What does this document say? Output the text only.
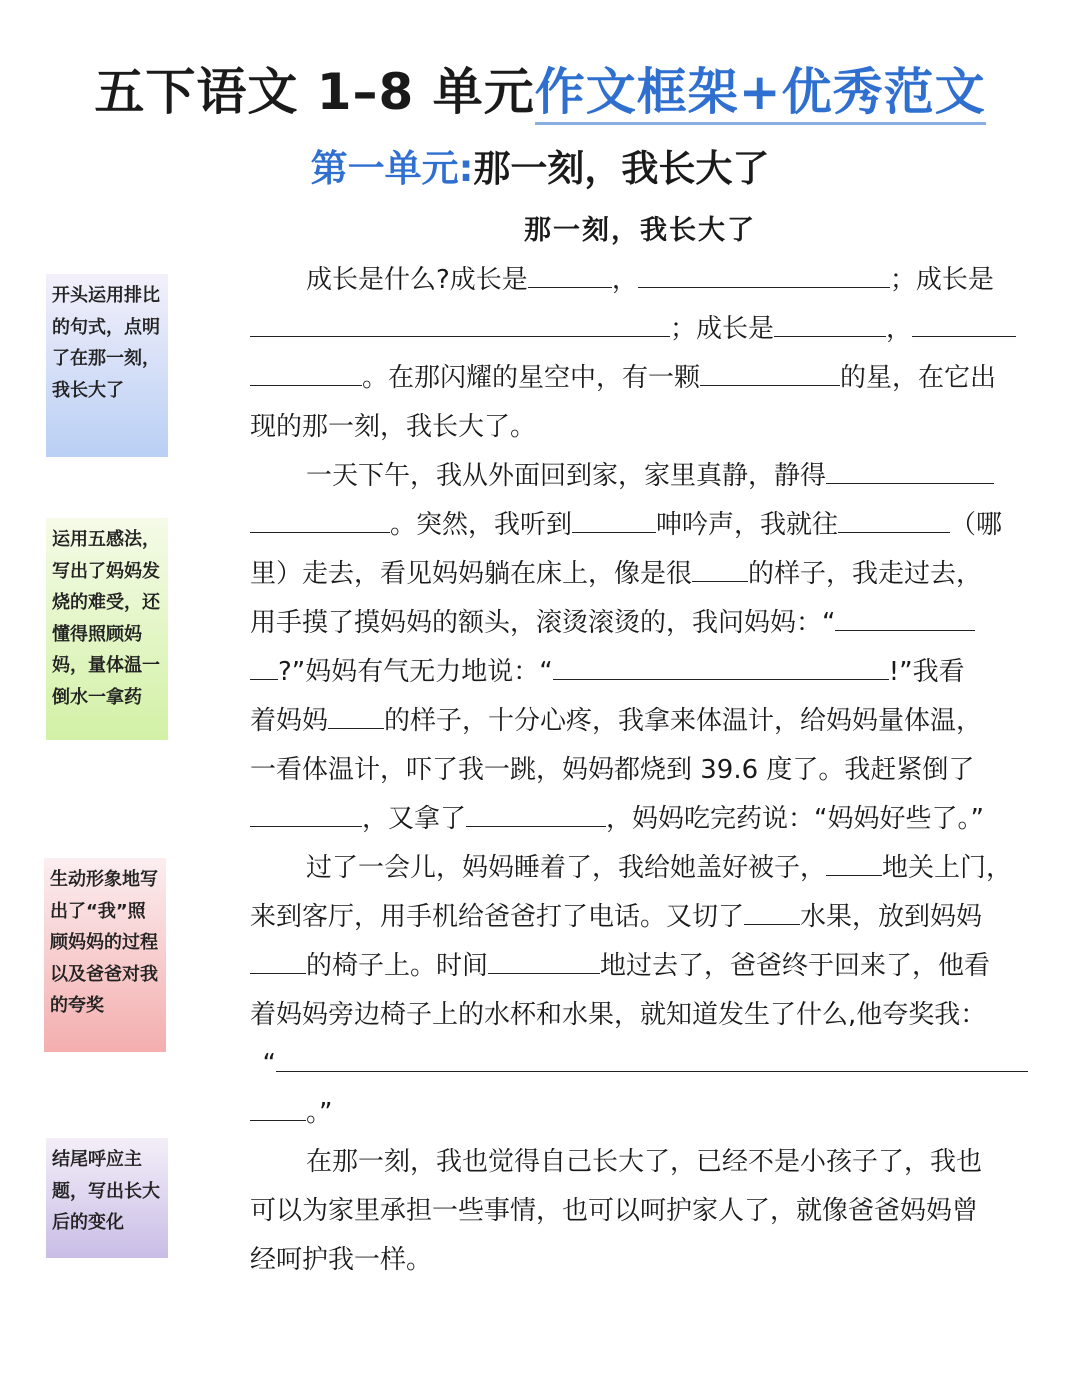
五下语文 1–8 单元作文框架+优秀范文
第一单元:那一刻，我长大了
那一刻，我长大了
开头运用排比的句式，点明了在那一刻，我长大了
运用五感法，写出了妈妈发烧的难受，还懂得照顾妈妈，量体温一倒水一拿药
生动形象地写出了“我”照顾妈妈的过程以及爸爸对我的夸奖
结尾呼应主题，写出长大后的变化
成长是什么?成长是	，	；成长是
；成长是	，
。在那闪耀的星空中，有一颗	的星，在它出
现的那一刻，我长大了。
一天下午，我从外面回到家，家里真静，静得
。突然，我听到	呻吟声，我就往	（哪
里）走去，看见妈妈躺在床上，像是很 的样子，我走过去，
用手摸了摸妈妈的额头，滚烫滚烫的，我问妈妈：“
?”妈妈有气无力地说：“	!”我看
着妈妈 的样子，十分心疼，我拿来体温计，给妈妈量体温，
一看体温计，吓了我一跳，妈妈都烧到 39.6 度了。我赶紧倒了
，又拿了	，妈妈吃完药说：“妈妈好些了。”
过了一会儿，妈妈睡着了，我给她盖好被子， 地关上门，
来到客厅，用手机给爸爸打了电话。又切了 水果，放到妈妈
的椅子上。时间	地过去了，爸爸终于回来了，他看
着妈妈旁边椅子上的水杯和水果，就知道发生了什么,他夸奖我：
“
。”
在那一刻，我也觉得自己长大了，已经不是小孩子了，我也
可以为家里承担一些事情，也可以呵护家人了，就像爸爸妈妈曾
经呵护我一样。
